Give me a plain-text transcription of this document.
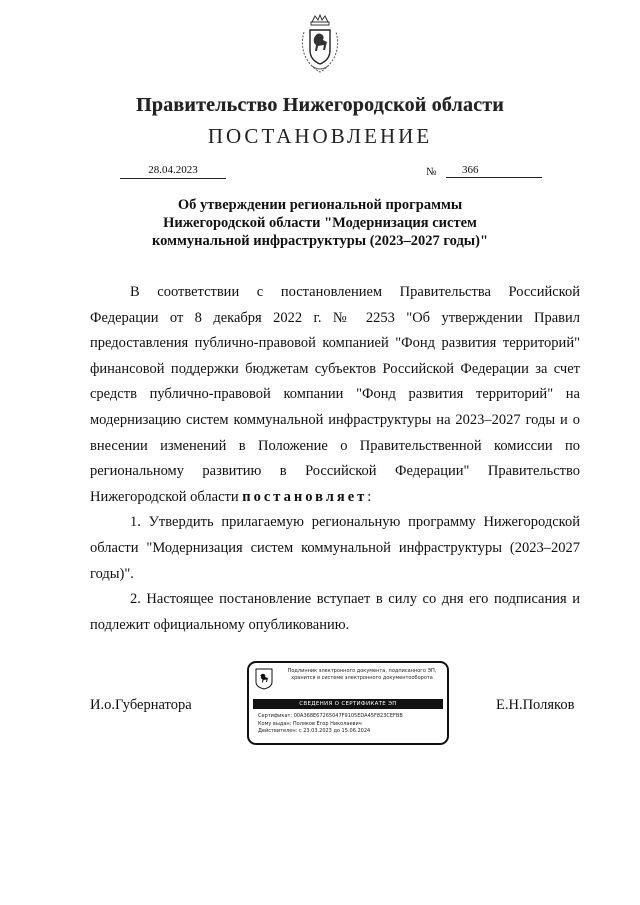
Правительство Нижегородской области
ПОСТАНОВЛЕНИЕ
28.04.2023	№	366
Об утверждении региональной программы
Нижегородской области "Модернизация систем
коммунальной инфраструктуры (2023–2027 годы)"

В соответствии с постановлением Правительства Российской Федерации от 8 декабря 2022 г. № 2253 "Об утверждении Правил предоставления публично-правовой компанией "Фонд развития территорий" финансовой поддержки бюджетам субъектов Российской Федерации за счет средств публично-правовой компании "Фонд развития территорий" на модернизацию систем коммунальной инфраструктуры на 2023–2027 годы и о внесении изменений в Положение о Правительственной комиссии по региональному развитию в Российской Федерации" Правительство Нижегородской области постановляет:

1. Утвердить прилагаемую региональную программу Нижегородской области "Модернизация систем коммунальной инфраструктуры (2023–2027 годы)".

2. Настоящее постановление вступает в силу со дня его подписания и подлежит официальному опубликованию.

И.о.Губернатора	Е.Н.Поляков
Подлинник электронного документа, подписанного ЭП,
хранится в системе электронного документооборота
СВЕДЕНИЯ О СЕРТИФИКАТЕ ЭП
Сертификат: 00A368E67265047F9105EDA45F823CEFBB
Кому выдан: Поляков Егор Николаевич
Действителен: с 23.03.2023 до 15.06.2024
